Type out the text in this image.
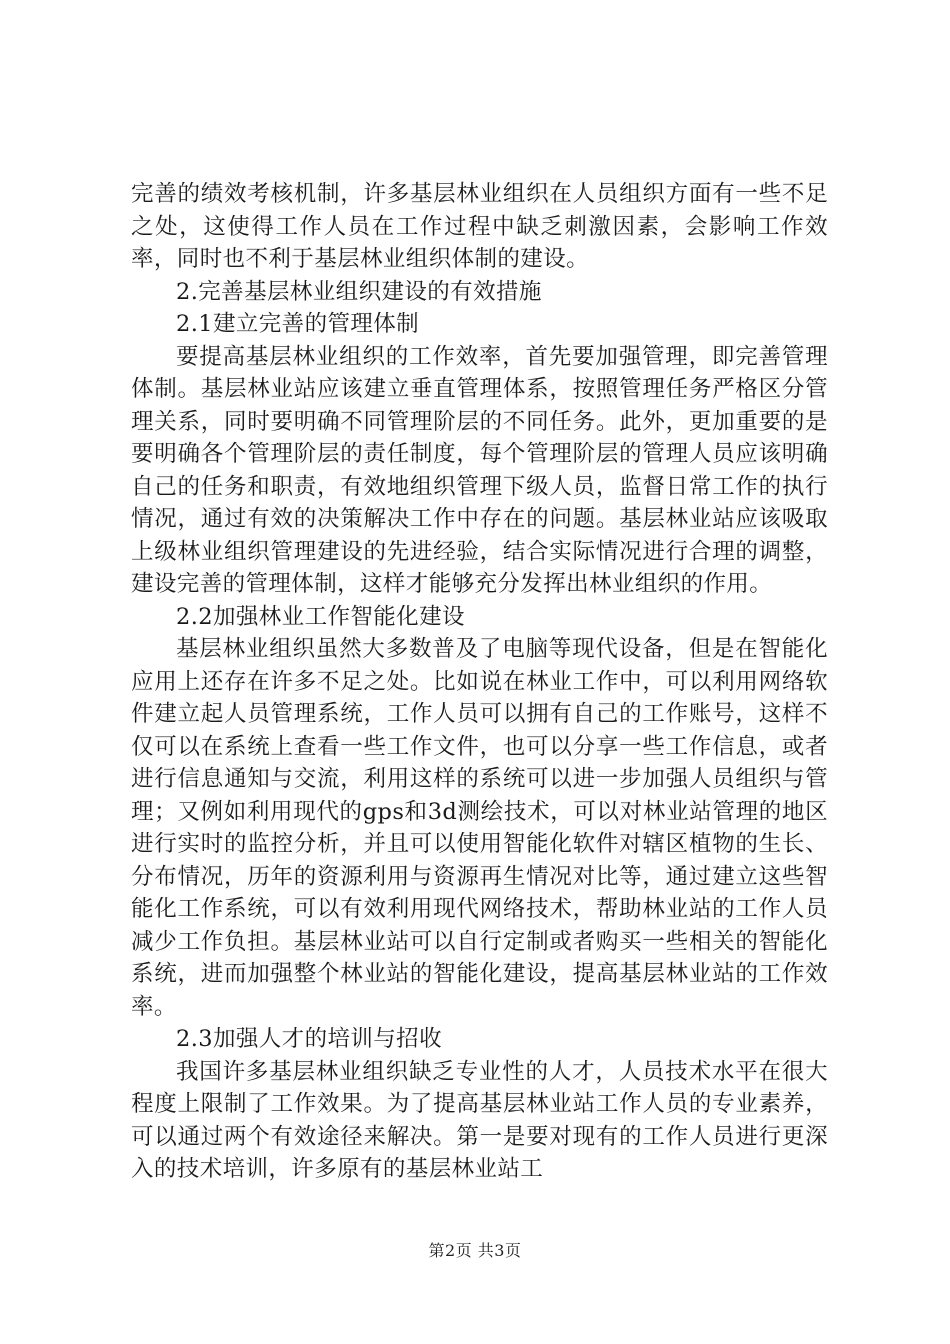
完善的绩效考核机制，许多基层林业组织在人员组织方面有一些不足之处，这使得工作人员在工作过程中缺乏刺激因素，会影响工作效率，同时也不利于基层林业组织体制的建设。

2.完善基层林业组织建设的有效措施

2.1建立完善的管理体制

要提高基层林业组织的工作效率，首先要加强管理，即完善管理体制。基层林业站应该建立垂直管理体系，按照管理任务严格区分管理关系，同时要明确不同管理阶层的不同任务。此外，更加重要的是要明确各个管理阶层的责任制度，每个管理阶层的管理人员应该明确自己的任务和职责，有效地组织管理下级人员，监督日常工作的执行情况，通过有效的决策解决工作中存在的问题。基层林业站应该吸取上级林业组织管理建设的先进经验，结合实际情况进行合理的调整，建设完善的管理体制，这样才能够充分发挥出林业组织的作用。

2.2加强林业工作智能化建设

基层林业组织虽然大多数普及了电脑等现代设备，但是在智能化应用上还存在许多不足之处。比如说在林业工作中，可以利用网络软件建立起人员管理系统，工作人员可以拥有自己的工作账号，这样不仅可以在系统上查看一些工作文件，也可以分享一些工作信息，或者进行信息通知与交流，利用这样的系统可以进一步加强人员组织与管理；又例如利用现代的gps和3d测绘技术，可以对林业站管理的地区进行实时的监控分析，并且可以使用智能化软件对辖区植物的生长、分布情况，历年的资源利用与资源再生情况对比等，通过建立这些智能化工作系统，可以有效利用现代网络技术，帮助林业站的工作人员减少工作负担。基层林业站可以自行定制或者购买一些相关的智能化系统，进而加强整个林业站的智能化建设，提高基层林业站的工作效率。

2.3加强人才的培训与招收

我国许多基层林业组织缺乏专业性的人才，人员技术水平在很大程度上限制了工作效果。为了提高基层林业站工作人员的专业素养，可以通过两个有效途径来解决。第一是要对现有的工作人员进行更深入的技术培训，许多原有的基层林业站工

第2页 共3页
